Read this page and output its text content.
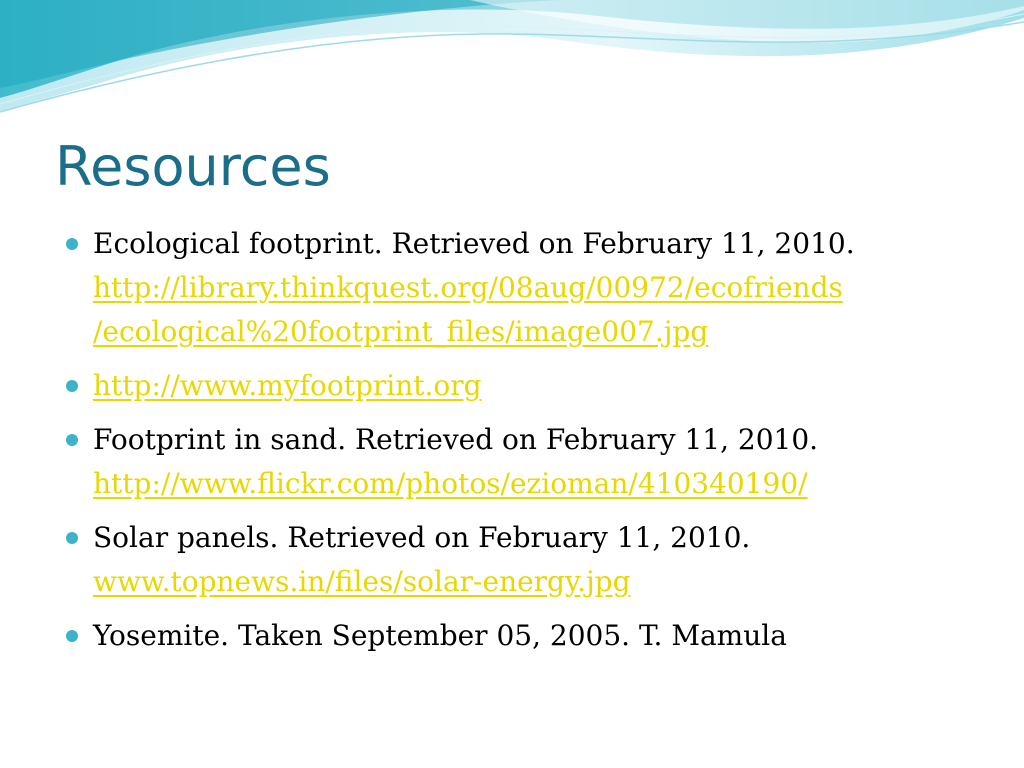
Resources
Ecological footprint. Retrieved on February 11, 2010.
http://library.thinkquest.org/08aug/00972/ecofriends
/ecological%20footprint_files/image007.jpg
http://www.myfootprint.org
Footprint in sand. Retrieved on February 11, 2010.
http://www.flickr.com/photos/ezioman/410340190/
Solar panels. Retrieved on February 11, 2010.
www.topnews.in/files/solar-energy.jpg
Yosemite. Taken September 05, 2005. T. Mamula
